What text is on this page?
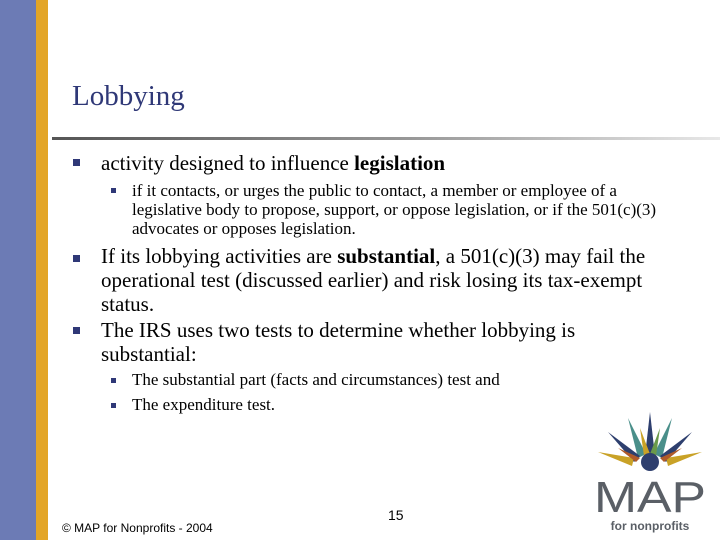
Lobbying
activity designed to influence legislation
if it contacts, or urges the public to contact, a member or employee of a legislative body to propose, support, or oppose legislation, or if the 501(c)(3) advocates or opposes legislation.
If its lobbying activities are substantial, a 501(c)(3) may fail the operational test (discussed earlier) and risk losing its tax-exempt status.
The IRS uses two tests to determine whether lobbying is substantial:
The substantial part (facts and circumstances) test and
The expenditure test.
© MAP for Nonprofits - 2004
15	MAP
for nonprofits
